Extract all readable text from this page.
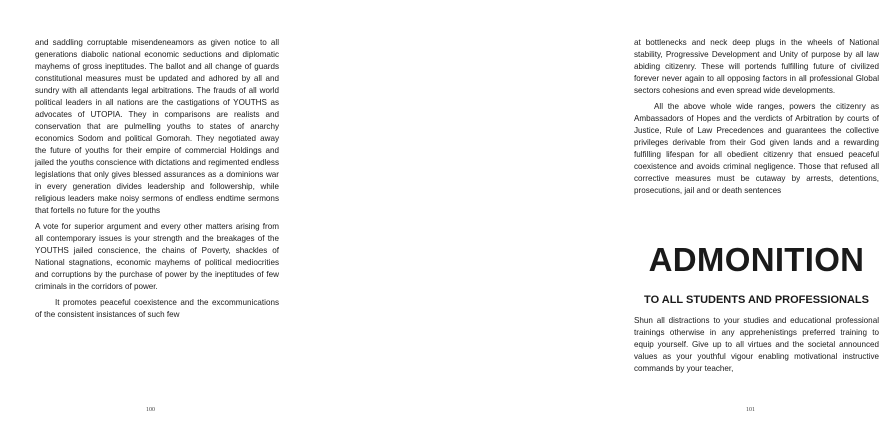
and saddling corruptable misendeneamors as given notice to all generations diabolic national economic seductions and diplomatic mayhems of gross ineptitudes. The ballot and all change of guards constitutional measures must be updated and adhored by all and sundry with all attendants legal arbitrations. The frauds of all world political leaders in all nations are the castigations of YOUTHS as advocates of UTOPIA. They in comparisons are realists and conservation that are pulmelling youths to states of anarchy economics Sodom and political Gomorah. They negotiated away the future of youths for their empire of commercial Holdings and jailed the youths conscience with dictations and regimented endless legislations that only gives blessed assurances as a dominions war in every generation divides leadership and followership, while religious leaders make noisy sermons of endless endtime sermons that fortells no future for the youths

A vote for superior argument and every other matters arising from all contemporary issues is your strength and the breakages of the YOUTHS jailed conscience, the chains of Poverty, shackles of National stagnations, economic mayhems of political mediocrities and corruptions by the purchase of power by the ineptitudes of few criminals in the corridors of power.

It promotes peaceful coexistence and the excommunications of the consistent insistances of such few

100

at bottlenecks and neck deep plugs in the wheels of National stability, Progressive Development and Unity of purpose by all law abiding citizenry. These will portends fulfilling future of civilized forever never again to all opposing factors in all professional Global sectors cohesions and even spread wide developments.

All the above whole wide ranges, powers the citizenry as Ambassadors of Hopes and the verdicts of Arbitration by courts of Justice, Rule of Law Precedences and guarantees the collective privileges derivable from their God given lands and a rewarding fulfilling lifespan for all obedient citizenry that ensued peaceful coexistence and avoids criminal negligence. Those that refused all corrective measures must be cutaway by arrests, detentions, prosecutions, jail and or death sentences

ADMONITION
TO ALL STUDENTS AND PROFESSIONALS

Shun all distractions to your studies and educational professional trainings otherwise in any apprehenistings preferred training to equip yourself. Give up to all virtues and the societal announced values as your youthful vigour enabling motivational instructive commands by your teacher,

101
